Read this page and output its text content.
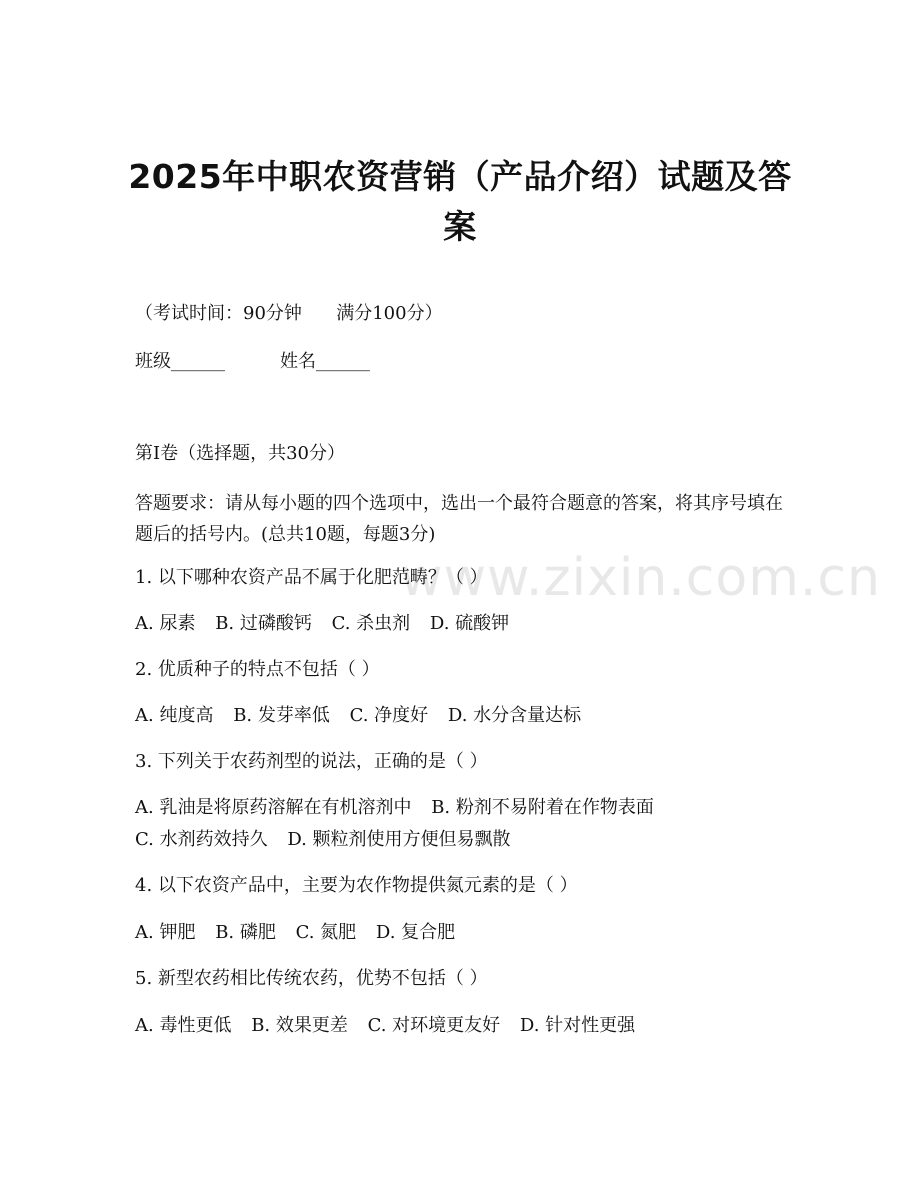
www.zixin.com.cn
2025年中职农资营销（产品介绍）试题及答案
（考试时间：90分钟      满分100分）
班级______	姓名______
第I卷（选择题，共30分）
答题要求：请从每小题的四个选项中，选出一个最符合题意的答案，将其序号填在题后的括号内。(总共10题，每题3分)
1. 以下哪种农资产品不属于化肥范畴？（ ）
A. 尿素 B. 过磷酸钙 C. 杀虫剂 D. 硫酸钾
2. 优质种子的特点不包括（ ）
A. 纯度高 B. 发芽率低 C. 净度好 D. 水分含量达标
3. 下列关于农药剂型的说法，正确的是（ ）
A. 乳油是将原药溶解在有机溶剂中 B. 粉剂不易附着在作物表面
C. 水剂药效持久 D. 颗粒剂使用方便但易飘散
4. 以下农资产品中，主要为农作物提供氮元素的是（ ）
A. 钾肥 B. 磷肥 C. 氮肥 D. 复合肥
5. 新型农药相比传统农药，优势不包括（ ）
A. 毒性更低 B. 效果更差 C. 对环境更友好 D. 针对性更强
